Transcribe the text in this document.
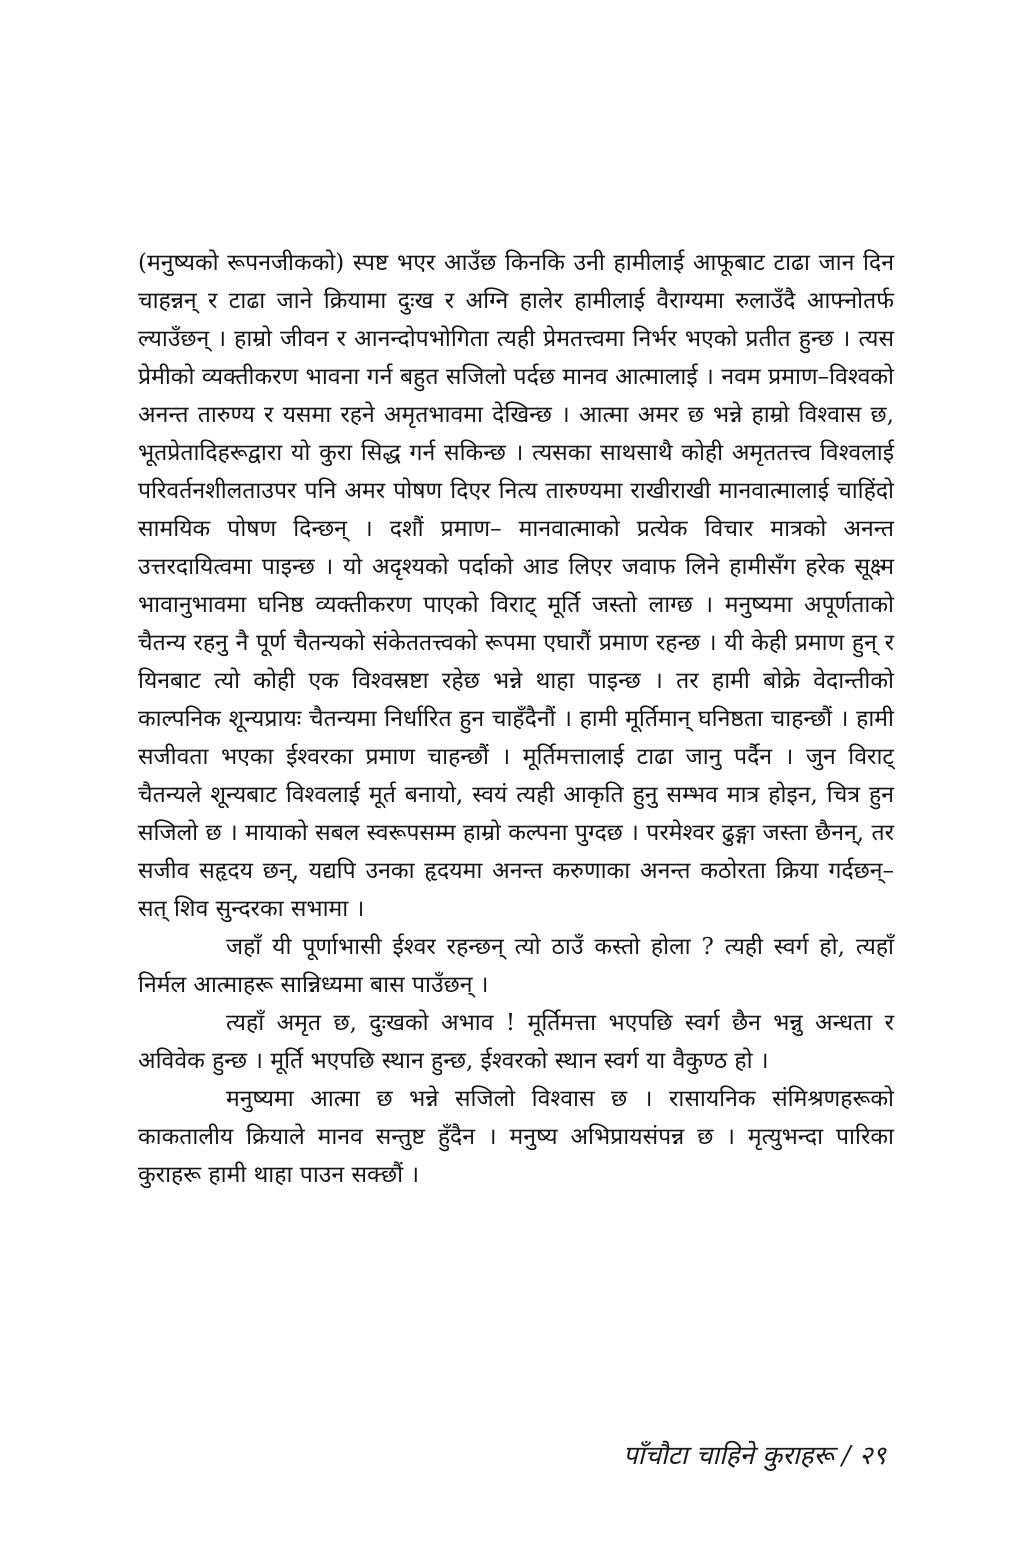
(मनुष्यको रूपनजीकको) स्पष्ट भएर आउँछ किनकि उनी हामीलाई आफूबाट टाढा जान दिन चाहन्नन् र टाढा जाने क्रियामा दुःख र अग्नि हालेर हामीलाई वैराग्यमा रुलाउँदै आफ्नोतर्फ ल्याउँछन् । हाम्रो जीवन र आनन्दोपभोगिता त्यही प्रेमतत्त्वमा निर्भर भएको प्रतीत हुन्छ । त्यस प्रेमीको व्यक्तीकरण भावना गर्न बहुत सजिलो पर्दछ मानव आत्मालाई । नवम प्रमाण–विश्वको अनन्त तारुण्य र यसमा रहने अमृतभावमा देखिन्छ । आत्मा अमर छ भन्ने हाम्रो विश्वास छ, भूतप्रेतादिहरूद्वारा यो कुरा सिद्ध गर्न सकिन्छ । त्यसका साथसाथै कोही अमृततत्त्व विश्वलाई परिवर्तनशीलताउपर पनि अमर पोषण दिएर नित्य तारुण्यमा राखीराखी मानवात्मालाई चाहिंदो सामयिक पोषण दिन्छन् । दशौं प्रमाण– मानवात्माको प्रत्येक विचार मात्रको अनन्त उत्तरदायित्वमा पाइन्छ । यो अदृश्यको पर्दाको आड लिएर जवाफ लिने हामीसँग हरेक सूक्ष्म भावानुभावमा घनिष्ठ व्यक्तीकरण पाएको विराट् मूर्ति जस्तो लाग्छ । मनुष्यमा अपूर्णताको चैतन्य रहनु नै पूर्ण चैतन्यको संकेततत्त्वको रूपमा एघारौं प्रमाण रहन्छ । यी केही प्रमाण हुन् र यिनबाट त्यो कोही एक विश्वस्रष्टा रहेछ भन्ने थाहा पाइन्छ । तर हामी बोक्रे वेदान्तीको काल्पनिक शून्यप्रायः चैतन्यमा निर्धारित हुन चाहँदैनौं । हामी मूर्तिमान् घनिष्ठता चाहन्छौं । हामी सजीवता भएका ईश्वरका प्रमाण चाहन्छौं । मूर्तिमत्तालाई टाढा जानु पर्दैन । जुन विराट् चैतन्यले शून्यबाट विश्वलाई मूर्त बनायो, स्वयं त्यही आकृति हुनु सम्भव मात्र होइन, चित्र हुन सजिलो छ । मायाको सबल स्वरूपसम्म हाम्रो कल्पना पुग्दछ । परमेश्वर ढुङ्गा जस्ता छैनन्, तर सजीव सहृदय छन्, यद्यपि उनका हृदयमा अनन्त करुणाका अनन्त कठोरता क्रिया गर्दछन्– सत् शिव सुन्दरका सभामा ।

जहाँ यी पूर्णाभासी ईश्वर रहन्छन् त्यो ठाउँ कस्तो होला ? त्यही स्वर्ग हो, त्यहाँ निर्मल आत्माहरू सान्निध्यमा बास पाउँछन् ।

त्यहाँ अमृत छ, दुःखको अभाव ! मूर्तिमत्ता भएपछि स्वर्ग छैन भन्नु अन्धता र अविवेक हुन्छ । मूर्ति भएपछि स्थान हुन्छ, ईश्वरको स्थान स्वर्ग या वैकुण्ठ हो ।

मनुष्यमा आत्मा छ भन्ने सजिलो विश्वास छ । रासायनिक संमिश्रणहरूको काकतालीय क्रियाले मानव सन्तुष्ट हुँदैन । मनुष्य अभिप्रायसंपन्न छ । मृत्युभन्दा पारिका कुराहरू हामी थाहा पाउन सक्छौं ।

पाँचौटा चाहिने कुराहरू / २९
